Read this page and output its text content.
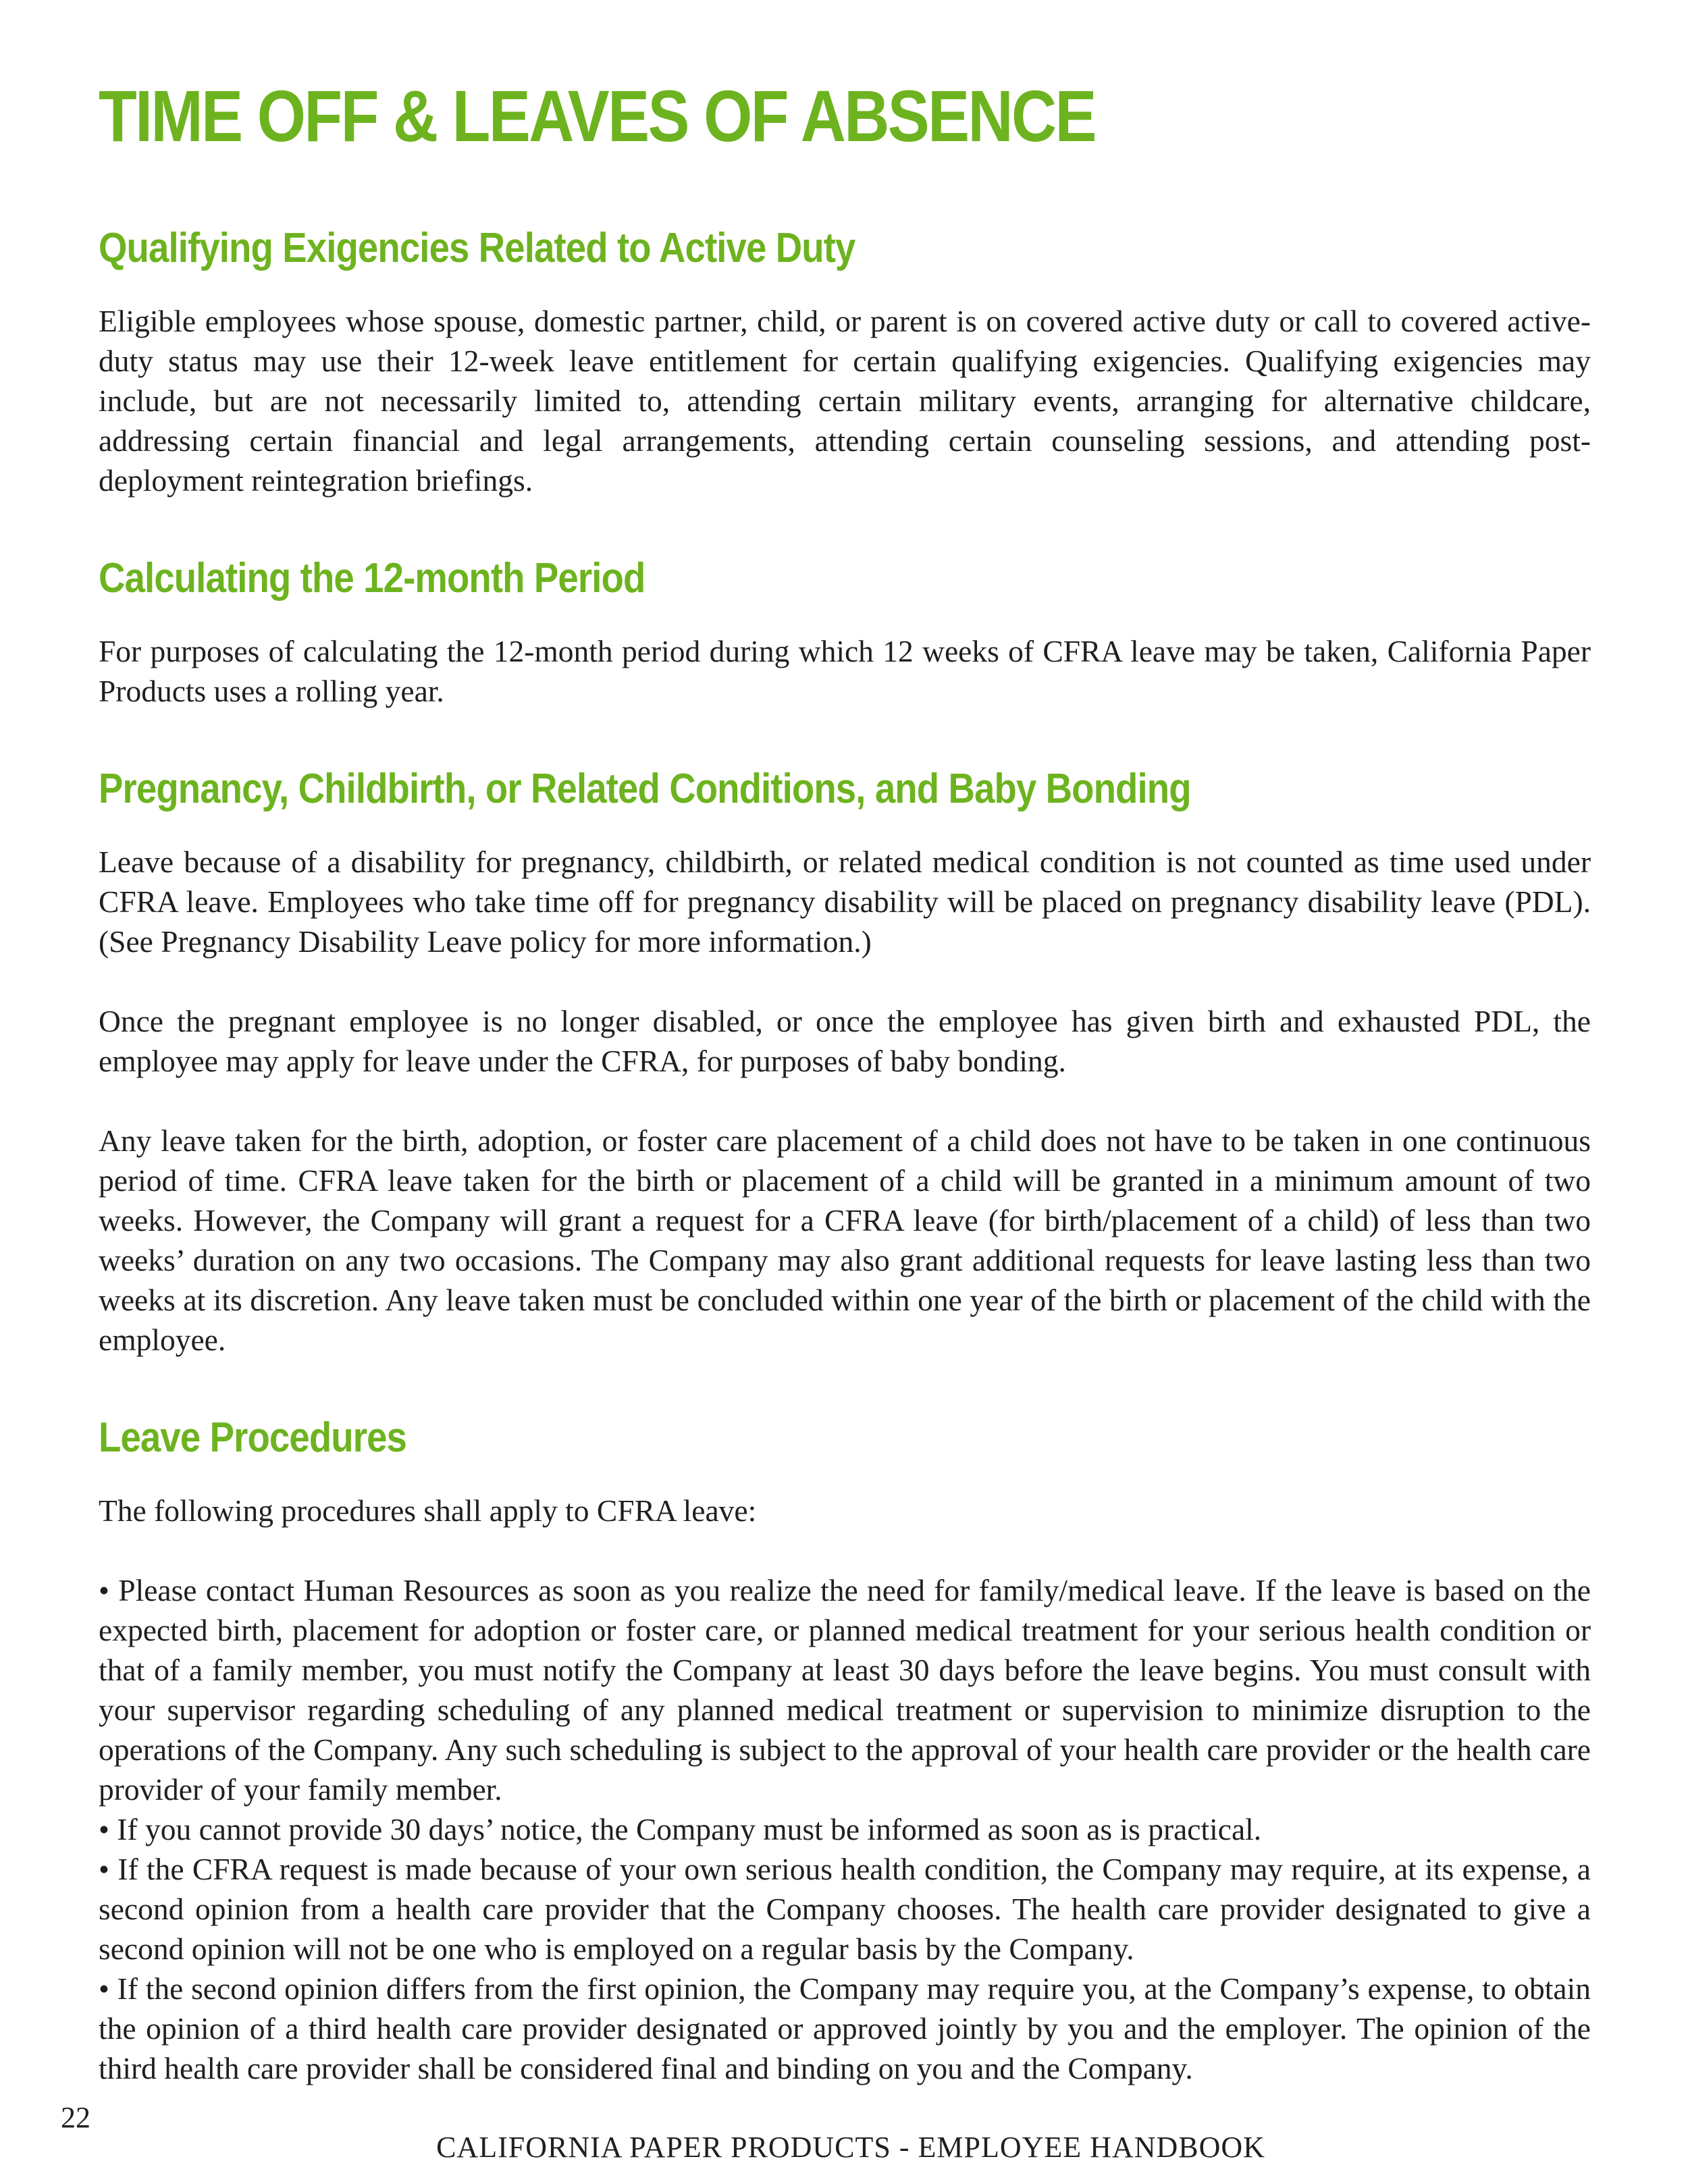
TIME OFF & LEAVES OF ABSENCE
Qualifying Exigencies Related to Active Duty

Eligible employees whose spouse, domestic partner, child, or parent is on covered active duty or call to covered active-duty status may use their 12-week leave entitlement for certain qualifying exigencies. Qualifying exigencies may include, but are not necessarily limited to, attending certain military events, arranging for alternative childcare, addressing certain financial and legal arrangements, attending certain counseling sessions, and attending post-deployment reintegration briefings.

Calculating the 12-month Period

For purposes of calculating the 12-month period during which 12 weeks of CFRA leave may be taken, California Paper Products uses a rolling year.

Pregnancy, Childbirth, or Related Conditions, and Baby Bonding

Leave because of a disability for pregnancy, childbirth, or related medical condition is not counted as time used under CFRA leave. Employees who take time off for pregnancy disability will be placed on pregnancy disability leave (PDL). (See Pregnancy Disability Leave policy for more information.)

Once the pregnant employee is no longer disabled, or once the employee has given birth and exhausted PDL, the employee may apply for leave under the CFRA, for purposes of baby bonding.

Any leave taken for the birth, adoption, or foster care placement of a child does not have to be taken in one continuous period of time. CFRA leave taken for the birth or placement of a child will be granted in a minimum amount of two weeks. However, the Company will grant a request for a CFRA leave (for birth/placement of a child) of less than two weeks’ duration on any two occasions. The Company may also grant additional requests for leave lasting less than two weeks at its discretion. Any leave taken must be concluded within one year of the birth or placement of the child with the employee.

Leave Procedures

The following procedures shall apply to CFRA leave:

• Please contact Human Resources as soon as you realize the need for family/medical leave. If the leave is based on the expected birth, placement for adoption or foster care, or planned medical treatment for your serious health condition or that of a family member, you must notify the Company at least 30 days before the leave begins. You must consult with your supervisor regarding scheduling of any planned medical treatment or supervision to minimize disruption to the operations of the Company. Any such scheduling is subject to the approval of your health care provider or the health care provider of your family member.
• If you cannot provide 30 days’ notice, the Company must be informed as soon as is practical.
• If the CFRA request is made because of your own serious health condition, the Company may require, at its expense, a second opinion from a health care provider that the Company chooses. The health care provider designated to give a second opinion will not be one who is employed on a regular basis by the Company.
• If the second opinion differs from the first opinion, the Company may require you, at the Company’s expense, to obtain the opinion of a third health care provider designated or approved jointly by you and the employer. The opinion of the third health care provider shall be considered final and binding on you and the Company.

22

CALIFORNIA PAPER PRODUCTS - EMPLOYEE HANDBOOK
